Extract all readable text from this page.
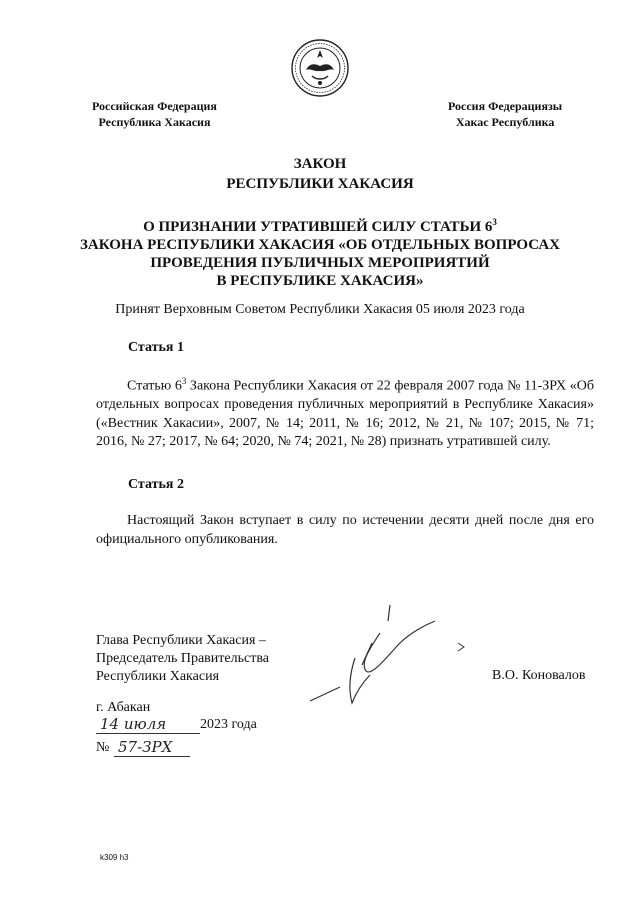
Российская Федерация
Республика Хакасия
Россия Федерациязы
Хакас Республика
ЗАКОН
РЕСПУБЛИКИ ХАКАСИЯ
О ПРИЗНАНИИ УТРАТИВШЕЙ СИЛУ СТАТЬИ $6^3$
ЗАКОНА РЕСПУБЛИКИ ХАКАСИЯ «ОБ ОТДЕЛЬНЫХ ВОПРОСАХ
ПРОВЕДЕНИЯ ПУБЛИЧНЫХ МЕРОПРИЯТИЙ
В РЕСПУБЛИКЕ ХАКАСИЯ»
Принят Верховным Советом Республики Хакасия 05 июля 2023 года
Статья 1
Статью $6^3$ Закона Республики Хакасия от 22 февраля 2007 года № 11-ЗРХ «Об отдельных вопросах проведения публичных мероприятий в Республике Хакасия» («Вестник Хакасии», 2007, № 14; 2011, № 16; 2012, № 21, № 107; 2015, № 71; 2016, № 27; 2017, № 64; 2020, № 74; 2021, № 28) признать утратившей силу.
Статья 2
Настоящий Закон вступает в силу по истечении десяти дней после дня его официального опубликования.
Глава Республики Хакасия –
Председатель Правительства
Республики Хакасия	В.О. Коновалов
г. Абакан
14 июля	2023 года
№ 57-ЗРХ
k309 h3
